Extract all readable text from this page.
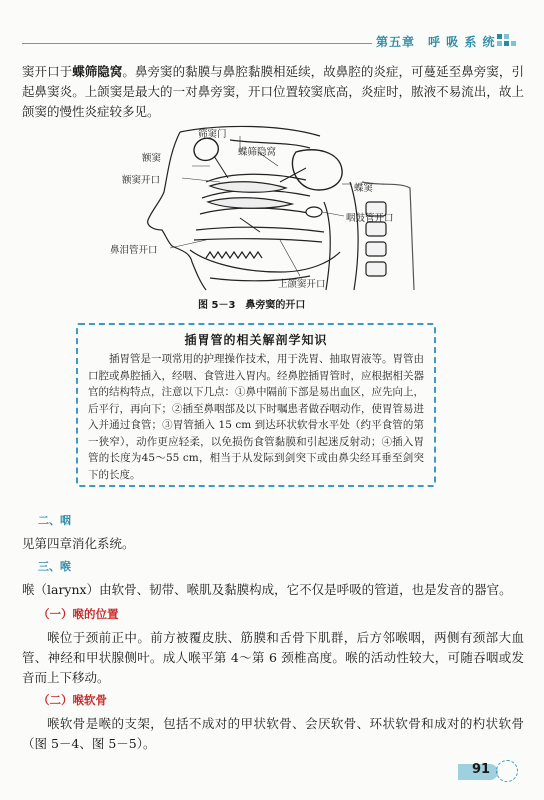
第五章　呼 吸 系 统
窦开口于蝶筛隐窝。鼻旁窦的黏膜与鼻腔黏膜相延续，故鼻腔的炎症，可蔓延至鼻旁窦，引起鼻窦炎。上颌窦是最大的一对鼻旁窦，开口位置较窦底高，炎症时，脓液不易流出，故上颌窦的慢性炎症较多见。
筛窦门
蝶筛隐窝
额窦
额窦开口
蝶窦
咽鼓管开口
鼻泪管开口
上颌窦开口
图 5－3　鼻旁窦的开口
插胃管的相关解剖学知识
插胃管是一项常用的护理操作技术，用于洗胃、抽取胃液等。胃管由口腔或鼻腔插入，经咽、食管进入胃内。经鼻腔插胃管时，应根据相关器官的结构特点，注意以下几点：①鼻中隔前下部是易出血区，应先向上，后平行，再向下；②插至鼻咽部及以下时嘱患者做吞咽动作，使胃管易进入并通过食管；③胃管插入 15 cm 到达环状软骨水平处（约平食管的第一狭窄），动作更应轻柔，以免损伤食管黏膜和引起迷反射动；④插入胃管的长度为45～55 cm，相当于从发际到剑突下或由鼻尖经耳垂至剑突下的长度。
二、咽
见第四章消化系统。
三、喉
喉（larynx）由软骨、韧带、喉肌及黏膜构成，它不仅是呼吸的管道，也是发音的器官。
（一）喉的位置
喉位于颈前正中。前方被覆皮肤、筋膜和舌骨下肌群，后方邻喉咽，两侧有颈部大血管、神经和甲状腺侧叶。成人喉平第 4～第 6 颈椎高度。喉的活动性较大，可随吞咽或发音而上下移动。
（二）喉软骨
喉软骨是喉的支架，包括不成对的甲状软骨、会厌软骨、环状软骨和成对的杓状软骨（图 5－4、图 5－5）。
91
